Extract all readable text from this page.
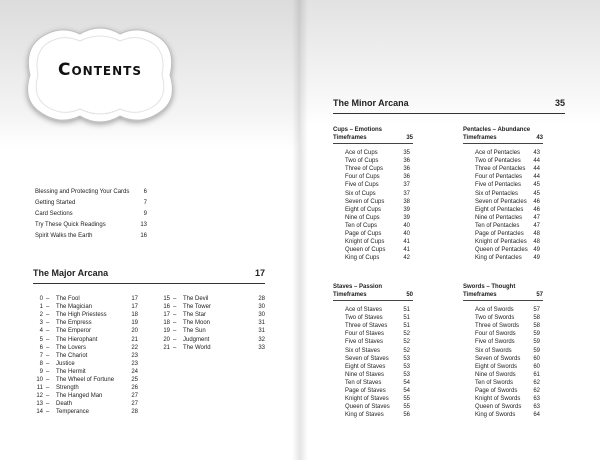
Contents
Blessing and Protecting Your Cards 6
Getting Started	7
Card Sections	9
Try These Quick Readings	13
Spirit Walks the Earth	16
The Major Arcana	17
0 – The Fool	17
1 – The Magician	17
2 – The High Priestess	18
3 – The Empress	19
4 – The Emperor	20
5 – The Hierophant	21
6 – The Lovers	22
7 – The Chariot	23
8 – Justice	23
9 – The Hermit	24
10 – The Wheel of Fortune	25
11 – Strength	26
12 – The Hanged Man	27
13 – Death	27
14 – Temperance	28
15 – The Devil	28
16 – The Tower	30
17 – The Star	30
18 – The Moon	31
19 – The Sun	31
20 – Judgment	32
21 – The World	33
The Minor Arcana	35
Cups – Emotions
Timeframes	35
Ace of Cups	35
Two of Cups	36
Three of Cups	36
Four of Cups	36
Five of Cups	37
Six of Cups	37
Seven of Cups	38
Eight of Cups	39
Nine of Cups	39
Ten of Cups	40
Page of Cups	40
Knight of Cups	41
Queen of Cups	41
King of Cups	42
Pentacles – Abundance
Timeframes	43
Ace of Pentacles 43
Two of Pentacles 44
Three of Pentacles 44
Four of Pentacles 44
Five of Pentacles 45
Six of Pentacles	45
Seven of Pentacles 46
Eight of Pentacles 46
Nine of Pentacles 47
Ten of Pentacles 47
Page of Pentacles 48
Knight of Pentacles 48
Queen of Pentacles 49
King of Pentacles 49
Staves – Passion
Timeframes	50
Ace of Staves	51
Two of Staves	51
Three of Staves	51
Four of Staves	52
Five of Staves	52
Six of Staves	52
Seven of Staves 53
Eight of Staves	53
Nine of Staves	53
Ten of Staves	54
Page of Staves	54
Knight of Staves 55
Queen of Staves 55
King of Staves	56
Swords – Thought
Timeframes	57
Ace of Swords	57
Two of Swords	58
Three of Swords 58
Four of Swords	59
Five of Swords	59
Six of Swords	59
Seven of Swords 60
Eight of Swords	60
Nine of Swords	61
Ten of Swords	62
Page of Swords	62
Knight of Swords 63
Queen of Swords 63
King of Swords	64
